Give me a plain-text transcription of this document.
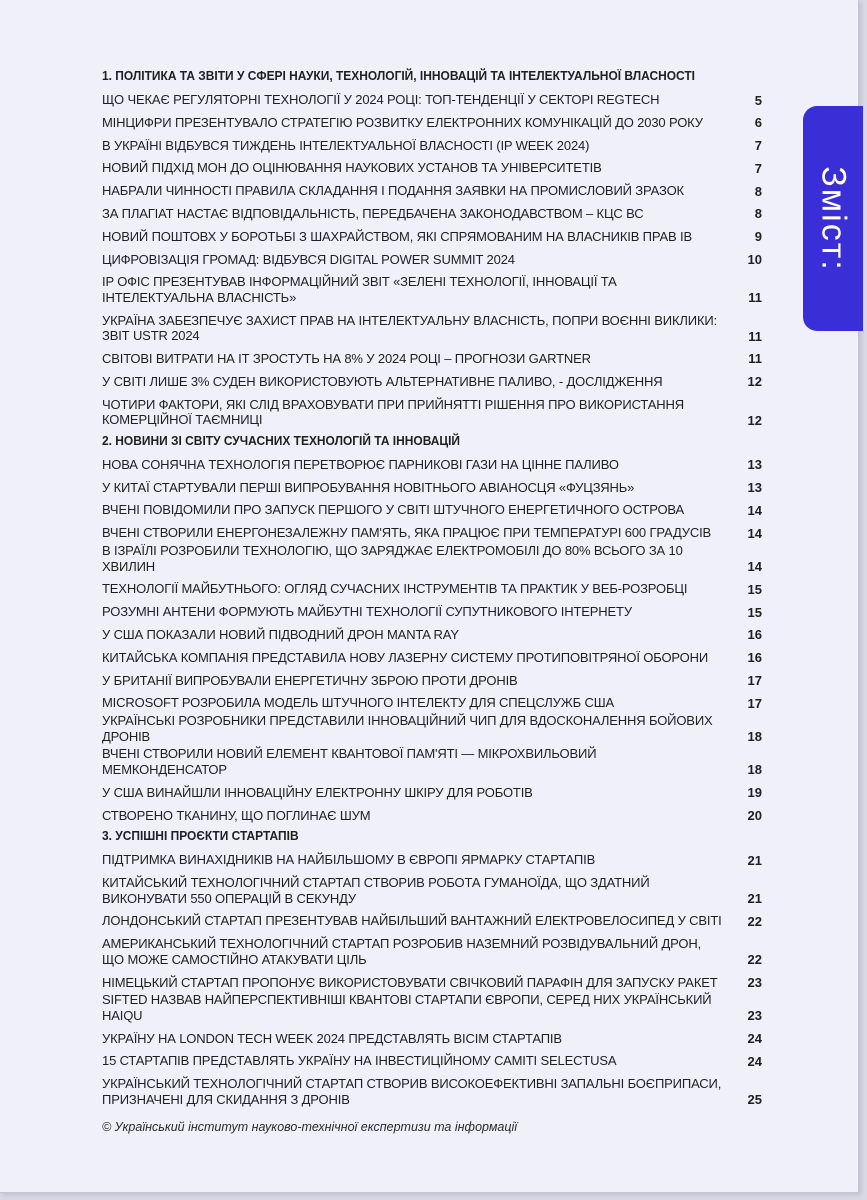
1. ПОЛІТИКА ТА ЗВІТИ У СФЕРІ НАУКИ, ТЕХНОЛОГІЙ, ІННОВАЦІЙ ТА ІНТЕЛЕКТУАЛЬНОЇ ВЛАСНОСТІ
ЩО ЧЕКАЄ РЕГУЛЯТОРНІ ТЕХНОЛОГІЇ У 2024 РОЦІ: ТОП-ТЕНДЕНЦІЇ У СЕКТОРІ REGTECH	5
МІНЦИФРИ ПРЕЗЕНТУВАЛО СТРАТЕГІЮ РОЗВИТКУ ЕЛЕКТРОННИХ КОМУНІКАЦІЙ ДО 2030 РОКУ	6
В УКРАЇНІ ВІДБУВСЯ ТИЖДЕНЬ ІНТЕЛЕКТУАЛЬНОЇ ВЛАСНОСТІ (IP WEEK 2024)	7
НОВИЙ ПІДХІД МОН ДО ОЦІНЮВАННЯ НАУКОВИХ УСТАНОВ ТА УНІВЕРСИТЕТІВ	7
НАБРАЛИ ЧИННОСТІ ПРАВИЛА СКЛАДАННЯ І ПОДАННЯ ЗАЯВКИ НА ПРОМИСЛОВИЙ ЗРАЗОК	8
ЗА ПЛАГІАТ НАСТАЄ ВІДПОВІДАЛЬНІСТЬ, ПЕРЕДБАЧЕНА ЗАКОНОДАВСТВОМ – КЦС ВС	8
НОВИЙ ПОШТОВХ У БОРОТЬБІ З ШАХРАЙСТВОМ, ЯКІ СПРЯМОВАНИМ НА ВЛАСНИКІВ ПРАВ ІВ	9
ЦИФРОВІЗАЦІЯ ГРОМАД: ВІДБУВСЯ DIGITAL POWER SUMMIT 2024	10
IP ОФІС ПРЕЗЕНТУВАВ ІНФОРМАЦІЙНИЙ ЗВІТ «ЗЕЛЕНІ ТЕХНОЛОГІЇ, ІННОВАЦІЇ ТА ІНТЕЛЕКТУАЛЬНА ВЛАСНІСТЬ»	11
УКРАЇНА ЗАБЕЗПЕЧУЄ ЗАХИСТ ПРАВ НА ІНТЕЛЕКТУАЛЬНУ ВЛАСНІСТЬ, ПОПРИ ВОЄННІ ВИКЛИКИ: ЗВІТ USTR 2024	11
СВІТОВІ ВИТРАТИ НА ІТ ЗРОСТУТЬ НА 8% У 2024 РОЦІ – ПРОГНОЗИ GARTNER	11
У СВІТІ ЛИШЕ 3% СУДЕН ВИКОРИСТОВУЮТЬ АЛЬТЕРНАТИВНЕ ПАЛИВО, - ДОСЛІДЖЕННЯ	12
ЧОТИРИ ФАКТОРИ, ЯКІ СЛІД ВРАХОВУВАТИ ПРИ ПРИЙНЯТТІ РІШЕННЯ ПРО ВИКОРИСТАННЯ КОМЕРЦІЙНОЇ ТАЄМНИЦІ	12
2. НОВИНИ ЗІ СВІТУ СУЧАСНИХ ТЕХНОЛОГІЙ ТА ІННОВАЦІЙ
НОВА СОНЯЧНА ТЕХНОЛОГІЯ ПЕРЕТВОРЮЄ ПАРНИКОВІ ГАЗИ НА ЦІННЕ ПАЛИВО	13
У КИТАЇ СТАРТУВАЛИ ПЕРШІ ВИПРОБУВАННЯ НОВІТНЬОГО АВІАНОСЦЯ «ФУЦЗЯНЬ»	13
ВЧЕНІ ПОВІДОМИЛИ ПРО ЗАПУСК ПЕРШОГО У СВІТІ ШТУЧНОГО ЕНЕРГЕТИЧНОГО ОСТРОВА	14
ВЧЕНІ СТВОРИЛИ ЕНЕРГОНЕЗАЛЕЖНУ ПАМ'ЯТЬ, ЯКА ПРАЦЮЄ ПРИ ТЕМПЕРАТУРІ 600 ГРАДУСІВ	14
В ІЗРАЇЛІ РОЗРОБИЛИ ТЕХНОЛОГІЮ, ЩО ЗАРЯДЖАЄ ЕЛЕКТРОМОБІЛІ ДО 80% ВСЬОГО ЗА 10 ХВИЛИН	14
ТЕХНОЛОГІЇ МАЙБУТНЬОГО: ОГЛЯД СУЧАСНИХ ІНСТРУМЕНТІВ ТА ПРАКТИК У ВЕБ-РОЗРОБЦІ	15
РОЗУМНІ АНТЕНИ ФОРМУЮТЬ МАЙБУТНІ ТЕХНОЛОГІЇ СУПУТНИКОВОГО ІНТЕРНЕТУ	15
У США ПОКАЗАЛИ НОВИЙ ПІДВОДНИЙ ДРОН MANTA RAY	16
КИТАЙСЬКА КОМПАНІЯ ПРЕДСТАВИЛА НОВУ ЛАЗЕРНУ СИСТЕМУ ПРОТИПОВІТРЯНОЇ ОБОРОНИ	16
У БРИТАНІЇ ВИПРОБУВАЛИ ЕНЕРГЕТИЧНУ ЗБРОЮ ПРОТИ ДРОНІВ	17
MICROSOFT РОЗРОБИЛА МОДЕЛЬ ШТУЧНОГО ІНТЕЛЕКТУ ДЛЯ СПЕЦСЛУЖБ США	17
УКРАЇНСЬКІ РОЗРОБНИКИ ПРЕДСТАВИЛИ ІННОВАЦІЙНИЙ ЧИП ДЛЯ ВДОСКОНАЛЕННЯ БОЙОВИХ ДРОНІВ	18
ВЧЕНІ СТВОРИЛИ НОВИЙ ЕЛЕМЕНТ КВАНТОВОЇ ПАМ'ЯТІ — МІКРОХВИЛЬОВИЙ МЕМКОНДЕНСАТОР	18
У США ВИНАЙШЛИ ІННОВАЦІЙНУ ЕЛЕКТРОННУ ШКІРУ ДЛЯ РОБОТІВ	19
СТВОРЕНО ТКАНИНУ, ЩО ПОГЛИНАЄ ШУМ	20
3. УСПІШНІ ПРОЄКТИ СТАРТАПІВ
ПІДТРИМКА ВИНАХІДНИКІВ НА НАЙБІЛЬШОМУ В ЄВРОПІ ЯРМАРКУ СТАРТАПІВ	21
КИТАЙСЬКИЙ ТЕХНОЛОГІЧНИЙ СТАРТАП СТВОРИВ РОБОТА ГУМАНОЇДА, ЩО ЗДАТНИЙ ВИКОНУВАТИ 550 ОПЕРАЦІЙ В СЕКУНДУ	21
ЛОНДОНСЬКИЙ СТАРТАП ПРЕЗЕНТУВАВ НАЙБІЛЬШИЙ ВАНТАЖНИЙ ЕЛЕКТРОВЕЛОСИПЕД У СВІТІ	22
АМЕРИКАНСЬКИЙ ТЕХНОЛОГІЧНИЙ СТАРТАП РОЗРОБИВ НАЗЕМНИЙ РОЗВІДУВАЛЬНИЙ ДРОН, ЩО МОЖЕ САМОСТІЙНО АТАКУВАТИ ЦІЛЬ	22
НІМЕЦЬКИЙ СТАРТАП ПРОПОНУЄ ВИКОРИСТОВУВАТИ СВІЧКОВИЙ ПАРАФІН ДЛЯ ЗАПУСКУ РАКЕТ	23
SIFTED НАЗВАВ НАЙПЕРСПЕКТИВНІШІ КВАНТОВІ СТАРТАПИ ЄВРОПИ, СЕРЕД НИХ УКРАЇНСЬКИЙ HAIQU	23
УКРАЇНУ НА LONDON TECH WEEK 2024 ПРЕДСТАВЛЯТЬ ВІСІМ СТАРТАПІВ	24
15 СТАРТАПІВ ПРЕДСТАВЛЯТЬ УКРАЇНУ НА ІНВЕСТИЦІЙНОМУ САМІТІ SELECTUSA	24
УКРАЇНСЬКИЙ ТЕХНОЛОГІЧНИЙ СТАРТАП СТВОРИВ ВИСОКОЕФЕКТИВНІ ЗАПАЛЬНІ БОЄПРИПАСИ, ПРИЗНАЧЕНІ ДЛЯ СКИДАННЯ З ДРОНІВ	25
© Український інститут науково-технічної експертизи та інформації
Зміст:
